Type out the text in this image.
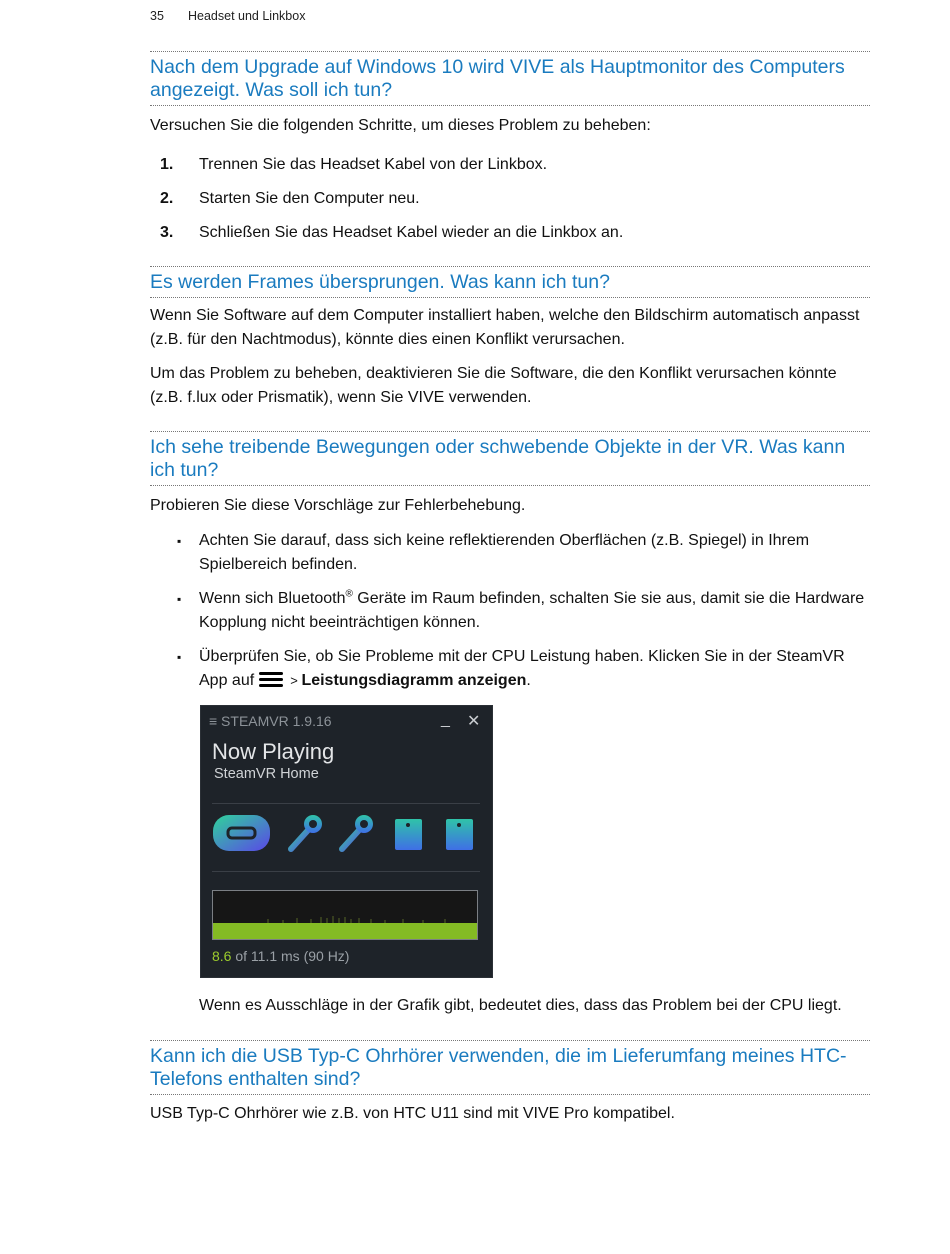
35 Headset und Linkbox
Nach dem Upgrade auf Windows 10 wird VIVE als Hauptmonitor des Computers angezeigt. Was soll ich tun?

Versuchen Sie die folgenden Schritte, um dieses Problem zu beheben:

1. Trennen Sie das Headset Kabel von der Linkbox.
2. Starten Sie den Computer neu.
3. Schließen Sie das Headset Kabel wieder an die Linkbox an.
Es werden Frames übersprungen. Was kann ich tun?

Wenn Sie Software auf dem Computer installiert haben, welche den Bildschirm automatisch anpasst (z.B. für den Nachtmodus), könnte dies einen Konflikt verursachen.

Um das Problem zu beheben, deaktivieren Sie die Software, die den Konflikt verursachen könnte (z.B. f.lux oder Prismatik), wenn Sie VIVE verwenden.

Ich sehe treibende Bewegungen oder schwebende Objekte in der VR. Was kann ich tun?

Probieren Sie diese Vorschläge zur Fehlerbehebung.

▪ Achten Sie darauf, dass sich keine reflektierenden Oberflächen (z.B. Spiegel) in Ihrem Spielbereich befinden.
▪ Wenn sich Bluetooth® Geräte im Raum befinden, schalten Sie sie aus, damit sie die Hardware Kopplung nicht beeinträchtigen können.
▪ Überprüfen Sie, ob Sie Probleme mit der CPU Leistung haben. Klicken Sie in der SteamVR App auf
> Leistungsdiagramm anzeigen.
≡ STEAMVR 1.9.16	_ ✕
Now Playing
SteamVR Home
8.6 of 11.1 ms (90 Hz)

Wenn es Ausschläge in der Grafik gibt, bedeutet dies, dass das Problem bei der CPU liegt.

Kann ich die USB Typ-C Ohrhörer verwenden, die im Lieferumfang meines HTC-Telefons enthalten sind?

USB Typ-C Ohrhörer wie z.B. von HTC U11 sind mit VIVE Pro kompatibel.
